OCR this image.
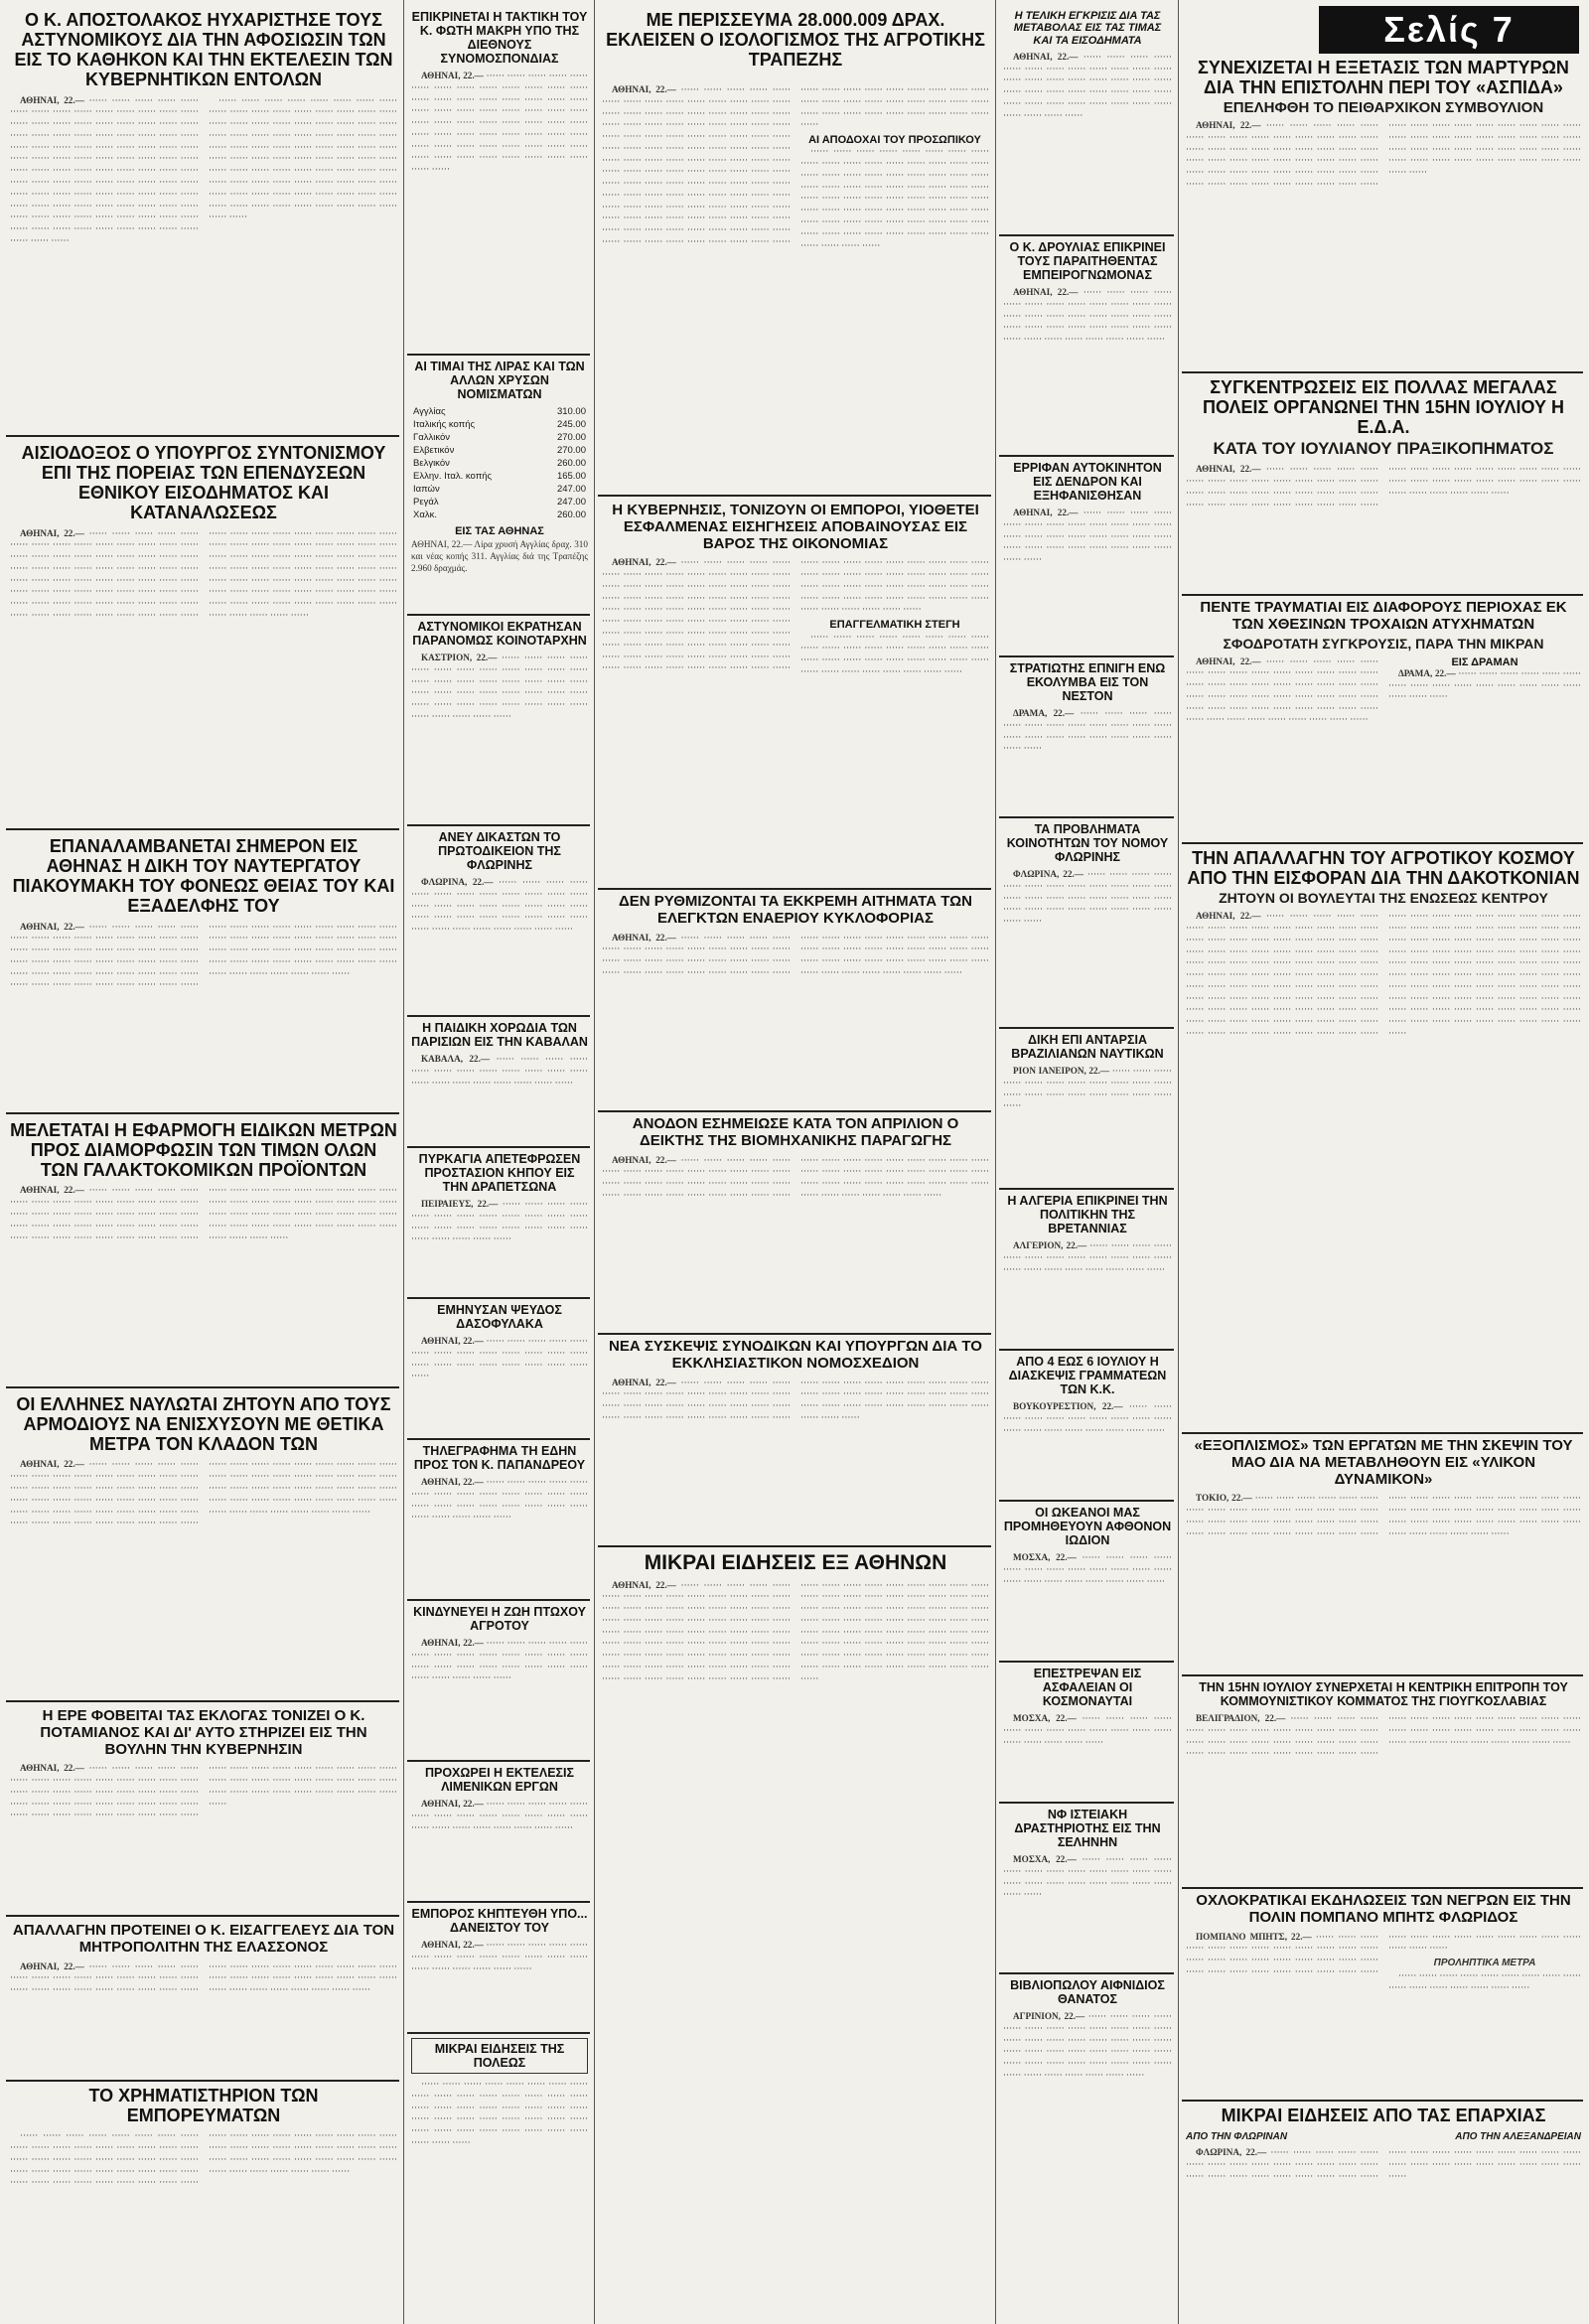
Σελίς 7
Ο Κ. ΑΠΟΣΤΟΛΑΚΟΣ ΗΥΧΑΡΙΣΤΗΣΕ ΤΟΥΣ ΑΣΤΥΝΟΜΙΚΟΥΣ ΔΙΑ ΤΗΝ ΑΦΟΣΙΩΣΙΝ ΤΩΝ ΕΙΣ ΤΟ ΚΑΘΗΚΟΝ ΚΑΙ ΤΗΝ ΕΚΤΕΛΕΣΙΝ ΤΩΝ ΚΥΒΕΡΝΗΤΙΚΩΝ ΕΝΤΟΛΩΝ

ΑΘΗΝΑΙ, 22.— ······ ······ ······ ······ ······ ······ ······ ······ ······ ······ ······ ······ ······ ······ ······ ······ ······ ······ ······ ······ ······ ······ ······ ······ ······ ······ ······ ······ ······ ······ ······ ······ ······ ······ ······ ······ ······ ······ ······ ······ ······ ······ ······ ······ ······ ······ ······ ······ ······ ······ ······ ······ ······ ······ ······ ······ ······ ······ ······ ······ ······ ······ ······ ······ ······ ······ ······ ······ ······ ······ ······ ······ ······ ······ ······ ······ ······ ······ ······ ······ ······ ······ ······ ······ ······ ······ ······ ······ ······ ······ ······ ······ ······ ······ ······ ······ ······ ······ ······ ······ ······ ······ ······ ······ ······ ······ ······

······ ······ ······ ······ ······ ······ ······ ······ ······ ······ ······ ······ ······ ······ ······ ······ ······ ······ ······ ······ ······ ······ ······ ······ ······ ······ ······ ······ ······ ······ ······ ······ ······ ······ ······ ······ ······ ······ ······ ······ ······ ······ ······ ······ ······ ······ ······ ······ ······ ······ ······ ······ ······ ······ ······ ······ ······ ······ ······ ······ ······ ······ ······ ······ ······ ······ ······ ······ ······ ······ ······ ······ ······ ······ ······ ······ ······ ······ ······ ······ ······ ······ ······ ······ ······ ······ ······ ······ ······ ······ ······

ΑΙΣΙΟΔΟΞΟΣ Ο ΥΠΟΥΡΓΟΣ ΣΥΝΤΟΝΙΣΜΟΥ ΕΠΙ ΤΗΣ ΠΟΡΕΙΑΣ ΤΩΝ ΕΠΕΝΔΥΣΕΩΝ ΕΘΝΙΚΟΥ ΕΙΣΟΔΗΜΑΤΟΣ ΚΑΙ ΚΑΤΑΝΑΛΩΣΕΩΣ

ΑΘΗΝΑΙ, 22.— ······ ······ ······ ······ ······ ······ ······ ······ ······ ······ ······ ······ ······ ······ ······ ······ ······ ······ ······ ······ ······ ······ ······ ······ ······ ······ ······ ······ ······ ······ ······ ······ ······ ······ ······ ······ ······ ······ ······ ······ ······ ······ ······ ······ ······ ······ ······ ······ ······ ······ ······ ······ ······ ······ ······ ······ ······ ······ ······ ······ ······ ······ ······ ······ ······ ······ ······ ······ ······ ······ ······ ······ ······ ······ ······ ······ ······ ······ ······ ······ ······ ······ ······ ······ ······ ······ ······ ······ ······ ······ ······ ······ ······ ······ ······ ······ ······ ······ ······ ······ ······ ······ ······ ······ ······ ······ ······ ······ ······ ······ ······ ······ ······ ······ ······ ······ ······ ······ ······ ······ ······ ······ ······ ······ ······ ······ ······ ······ ······ ······ ······ ······ ······ ······ ······ ······

ΕΠΑΝΑΛΑΜΒΑΝΕΤΑΙ ΣΗΜΕΡΟΝ ΕΙΣ ΑΘΗΝΑΣ Η ΔΙΚΗ ΤΟΥ ΝΑΥΤΕΡΓΑΤΟΥ ΠΙΑΚΟΥΜΑΚΗ ΤΟΥ ΦΟΝΕΩΣ ΘΕΙΑΣ ΤΟΥ ΚΑΙ ΕΞΑΔΕΛΦΗΣ ΤΟΥ

ΑΘΗΝΑΙ, 22.— ······ ······ ······ ······ ······ ······ ······ ······ ······ ······ ······ ······ ······ ······ ······ ······ ······ ······ ······ ······ ······ ······ ······ ······ ······ ······ ······ ······ ······ ······ ······ ······ ······ ······ ······ ······ ······ ······ ······ ······ ······ ······ ······ ······ ······ ······ ······ ······ ······ ······ ······ ······ ······ ······ ······ ······ ······ ······ ······ ······ ······ ······ ······ ······ ······ ······ ······ ······ ······ ······ ······ ······ ······ ······ ······ ······ ······ ······ ······ ······ ······ ······ ······ ······ ······ ······ ······ ······ ······ ······ ······ ······ ······

ΜΕΛΕΤΑΤΑΙ Η ΕΦΑΡΜΟΓΗ ΕΙΔΙΚΩΝ ΜΕΤΡΩΝ ΠΡΟΣ ΔΙΑΜΟΡΦΩΣΙΝ ΤΩΝ ΤΙΜΩΝ ΟΛΩΝ ΤΩΝ ΓΑΛΑΚΤΟΚΟΜΙΚΩΝ ΠΡΟΪΟΝΤΩΝ

ΑΘΗΝΑΙ, 22.— ······ ······ ······ ······ ······ ······ ······ ······ ······ ······ ······ ······ ······ ······ ······ ······ ······ ······ ······ ······ ······ ······ ······ ······ ······ ······ ······ ······ ······ ······ ······ ······ ······ ······ ······ ······ ······ ······ ······ ······ ······ ······ ······ ······ ······ ······ ······ ······ ······ ······ ······ ······ ······ ······ ······ ······ ······ ······ ······ ······ ······ ······ ······ ······ ······ ······ ······ ······ ······ ······ ······ ······ ······ ······ ······ ······ ······ ······ ······ ······ ······

ΟΙ ΕΛΛΗΝΕΣ ΝΑΥΛΩΤΑΙ ΖΗΤΟΥΝ ΑΠΟ ΤΟΥΣ ΑΡΜΟΔΙΟΥΣ ΝΑ ΕΝΙΣΧΥΣΟΥΝ ΜΕ ΘΕΤΙΚΑ ΜΕΤΡΑ ΤΟΝ ΚΛΑΔΟΝ ΤΩΝ

ΑΘΗΝΑΙ, 22.— ······ ······ ······ ······ ······ ······ ······ ······ ······ ······ ······ ······ ······ ······ ······ ······ ······ ······ ······ ······ ······ ······ ······ ······ ······ ······ ······ ······ ······ ······ ······ ······ ······ ······ ······ ······ ······ ······ ······ ······ ······ ······ ······ ······ ······ ······ ······ ······ ······ ······ ······ ······ ······ ······ ······ ······ ······ ······ ······ ······ ······ ······ ······ ······ ······ ······ ······ ······ ······ ······ ······ ······ ······ ······ ······ ······ ······ ······ ······ ······ ······ ······ ······ ······ ······ ······ ······ ······ ······ ······ ······ ······ ······ ······

Η ΕΡΕ ΦΟΒΕΙΤΑΙ ΤΑΣ ΕΚΛΟΓΑΣ ΤΟΝΙΖΕΙ Ο Κ. ΠΟΤΑΜΙΑΝΟΣ ΚΑΙ ΔΙ' ΑΥΤΟ ΣΤΗΡΙΖΕΙ ΕΙΣ ΤΗΝ ΒΟΥΛΗΝ ΤΗΝ ΚΥΒΕΡΝΗΣΙΝ

ΑΘΗΝΑΙ, 22.— ······ ······ ······ ······ ······ ······ ······ ······ ······ ······ ······ ······ ······ ······ ······ ······ ······ ······ ······ ······ ······ ······ ······ ······ ······ ······ ······ ······ ······ ······ ······ ······ ······ ······ ······ ······ ······ ······ ······ ······ ······ ······ ······ ······ ······ ······ ······ ······ ······ ······ ······ ······ ······ ······ ······ ······ ······ ······ ······ ······ ······ ······ ······ ······ ······ ······ ······ ······ ······

ΑΠΑΛΛΑΓΗΝ ΠΡΟΤΕΙΝΕΙ Ο Κ. ΕΙΣΑΓΓΕΛΕΥΣ ΔΙΑ ΤΟΝ ΜΗΤΡΟΠΟΛΙΤΗΝ ΤΗΣ ΕΛΑΣΣΟΝΟΣ

ΑΘΗΝΑΙ, 22.— ······ ······ ······ ······ ······ ······ ······ ······ ······ ······ ······ ······ ······ ······ ······ ······ ······ ······ ······ ······ ······ ······ ······ ······ ······ ······ ······ ······ ······ ······ ······ ······ ······ ······ ······ ······ ······ ······ ······ ······ ······ ······ ······ ······ ······ ······ ······ ······ ······

ΤΟ ΧΡΗΜΑΤΙΣΤΗΡΙΟΝ ΤΩΝ ΕΜΠΟΡΕΥΜΑΤΩΝ

······ ······ ······ ······ ······ ······ ······ ······ ······ ······ ······ ······ ······ ······ ······ ······ ······ ······ ······ ······ ······ ······ ······ ······ ······ ······ ······ ······ ······ ······ ······ ······ ······ ······ ······ ······ ······ ······ ······ ······ ······ ······ ······ ······ ······ ······ ······ ······ ······ ······ ······ ······ ······ ······ ······ ······ ······ ······ ······ ······ ······ ······ ······ ······ ······ ······ ······ ······ ······ ······ ······ ······ ······ ······ ······ ······ ······ ······

ΕΠΙΚΡΙΝΕΤΑΙ Η ΤΑΚΤΙΚΗ ΤΟΥ Κ. ΦΩΤΗ ΜΑΚΡΗ ΥΠΟ ΤΗΣ ΔΙΕΘΝΟΥΣ ΣΥΝΟΜΟΣΠΟΝΔΙΑΣ

ΑΘΗΝΑΙ, 22.— ······ ······ ······ ······ ······ ······ ······ ······ ······ ······ ······ ······ ······ ······ ······ ······ ······ ······ ······ ······ ······ ······ ······ ······ ······ ······ ······ ······ ······ ······ ······ ······ ······ ······ ······ ······ ······ ······ ······ ······ ······ ······ ······ ······ ······ ······ ······ ······ ······ ······ ······ ······ ······ ······ ······ ······ ······ ······ ······ ······ ······ ······ ······

ΑΙ ΤΙΜΑΙ ΤΗΣ ΛΙΡΑΣ ΚΑΙ ΤΩΝ ΑΛΛΩΝ ΧΡΥΣΩΝ ΝΟΜΙΣΜΑΤΩΝ
Αγγλίας	310.00
Ιταλικής κοπής	245.00
Γαλλικόν	270.00
Ελβετικόν	270.00
Βελγικόν	260.00
Ελλην. Ιταλ. κοπής	165.00
Ιαπών	247.00
Ρεγάλ	247.00
Χαλκ.	260.00
ΕΙΣ ΤΑΣ ΑΘΗΝΑΣ
ΑΘΗΝΑΙ, 22.— Λίρα χρυσή Αγγλίας δραχ. 310 και νέας κοπής 311. Αγγλίας διά της Τραπέζης 2.960 δραχμάς.
ΑΣΤΥΝΟΜΙΚΟΙ ΕΚΡΑΤΗΣΑΝ ΠΑΡΑΝΟΜΩΣ ΚΟΙΝΟΤΑΡΧΗΝ

ΚΑΣΤΡΙΟΝ, 22.— ······ ······ ······ ······ ······ ······ ······ ······ ······ ······ ······ ······ ······ ······ ······ ······ ······ ······ ······ ······ ······ ······ ······ ······ ······ ······ ······ ······ ······ ······ ······ ······ ······ ······ ······ ······ ······ ······ ······ ······ ······

ΑΝΕΥ ΔΙΚΑΣΤΩΝ ΤΟ ΠΡΩΤΟΔΙΚΕΙΟΝ ΤΗΣ ΦΛΩΡΙΝΗΣ

ΦΛΩΡΙΝΑ, 22.— ······ ······ ······ ······ ······ ······ ······ ······ ······ ······ ······ ······ ······ ······ ······ ······ ······ ······ ······ ······ ······ ······ ······ ······ ······ ······ ······ ······ ······ ······ ······ ······ ······ ······ ······ ······

Η ΠΑΙΔΙΚΗ ΧΟΡΩΔΙΑ ΤΩΝ ΠΑΡΙΣΙΩΝ ΕΙΣ ΤΗΝ ΚΑΒΑΛΑΝ

ΚΑΒΑΛΑ, 22.— ······ ······ ······ ······ ······ ······ ······ ······ ······ ······ ······ ······ ······ ······ ······ ······ ······ ······ ······ ······

ΠΥΡΚΑΓΙΑ ΑΠΕΤΕΦΡΩΣΕΝ ΠΡΟΣΤΑΣΙΟΝ ΚΗΠΟΥ ΕΙΣ ΤΗΝ ΔΡΑΠΕΤΣΩΝΑ

ΠΕΙΡΑΙΕΥΣ, 22.— ······ ······ ······ ······ ······ ······ ······ ······ ······ ······ ······ ······ ······ ······ ······ ······ ······ ······ ······ ······ ······ ······ ······ ······ ······

ΕΜΗΝΥΣΑΝ ΨΕΥΔΟΣ ΔΑΣΟΦΥΛΑΚΑ

ΑΘΗΝΑΙ, 22.— ······ ······ ······ ······ ······ ······ ······ ······ ······ ······ ······ ······ ······ ······ ······ ······ ······ ······ ······ ······ ······ ······

ΤΗΛΕΓΡΑΦΗΜΑ ΤΗ ΕΔΗΝ ΠΡΟΣ ΤΟΝ Κ. ΠΑΠΑΝΔΡΕΟΥ

ΑΘΗΝΑΙ, 22.— ······ ······ ······ ······ ······ ······ ······ ······ ······ ······ ······ ······ ······ ······ ······ ······ ······ ······ ······ ······ ······ ······ ······ ······ ······ ······

ΚΙΝΔΥΝΕΥΕΙ Η ΖΩΗ ΠΤΩΧΟΥ ΑΓΡΟΤΟΥ

ΑΘΗΝΑΙ, 22.— ······ ······ ······ ······ ······ ······ ······ ······ ······ ······ ······ ······ ······ ······ ······ ······ ······ ······ ······ ······ ······ ······ ······ ······ ······ ······

ΠΡΟΧΩΡΕΙ Η ΕΚΤΕΛΕΣΙΣ ΛΙΜΕΝΙΚΩΝ ΕΡΓΩΝ

ΑΘΗΝΑΙ, 22.— ······ ······ ······ ······ ······ ······ ······ ······ ······ ······ ······ ······ ······ ······ ······ ······ ······ ······ ······ ······ ······

ΕΜΠΟΡΟΣ ΚΗΠΤΕΥΘΗ ΥΠΟ... ΔΑΝΕΙΣΤΟΥ ΤΟΥ

ΑΘΗΝΑΙ, 22.— ······ ······ ······ ······ ······ ······ ······ ······ ······ ······ ······ ······ ······ ······ ······ ······ ······ ······ ······

ΜΙΚΡΑΙ ΕΙΔΗΣΕΙΣ ΤΗΣ ΠΟΛΕΩΣ

······ ······ ······ ······ ······ ······ ······ ······ ······ ······ ······ ······ ······ ······ ······ ······ ······ ······ ······ ······ ······ ······ ······ ······ ······ ······ ······ ······ ······ ······ ······ ······ ······ ······ ······ ······ ······ ······ ······ ······ ······ ······ ······

ΜΕ ΠΕΡΙΣΣΕΥΜΑ 28.000.009 ΔΡΑΧ. ΕΚΛΕΙΣΕΝ Ο ΙΣΟΛΟΓΙΣΜΟΣ ΤΗΣ ΑΓΡΟΤΙΚΗΣ ΤΡΑΠΕΖΗΣ

ΑΘΗΝΑΙ, 22.— ······ ······ ······ ······ ······ ······ ······ ······ ······ ······ ······ ······ ······ ······ ······ ······ ······ ······ ······ ······ ······ ······ ······ ······ ······ ······ ······ ······ ······ ······ ······ ······ ······ ······ ······ ······ ······ ······ ······ ······ ······ ······ ······ ······ ······ ······ ······ ······ ······ ······ ······ ······ ······ ······ ······ ······ ······ ······ ······ ······ ······ ······ ······ ······ ······ ······ ······ ······ ······ ······ ······ ······ ······ ······ ······ ······ ······ ······ ······ ······ ······ ······ ······ ······ ······ ······ ······ ······ ······ ······ ······ ······ ······ ······ ······ ······ ······ ······ ······ ······ ······ ······ ······ ······ ······ ······ ······ ······ ······ ······ ······ ······ ······ ······ ······ ······ ······ ······ ······ ······ ······ ······ ······ ······ ······ ······ ······ ······ ······ ······ ······ ······ ······ ······ ······ ······ ······ ······ ······ ······ ······ ······ ······ ······ ······ ······ ······ ······ ······ ······

ΑΙ ΑΠΟΔΟΧΑΙ ΤΟΥ ΠΡΟΣΩΠΙΚΟΥ

······ ······ ······ ······ ······ ······ ······ ······ ······ ······ ······ ······ ······ ······ ······ ······ ······ ······ ······ ······ ······ ······ ······ ······ ······ ······ ······ ······ ······ ······ ······ ······ ······ ······ ······ ······ ······ ······ ······ ······ ······ ······ ······ ······ ······ ······ ······ ······ ······ ······ ······ ······ ······ ······ ······ ······ ······ ······ ······ ······ ······ ······ ······ ······ ······ ······ ······ ······ ······ ······ ······ ······ ······ ······ ······

Η ΚΥΒΕΡΝΗΣΙΣ, ΤΟΝΙΖΟΥΝ ΟΙ ΕΜΠΟΡΟΙ, ΥΙΟΘΕΤΕΙ ΕΣΦΑΛΜΕΝΑΣ ΕΙΣΗΓΗΣΕΙΣ ΑΠΟΒΑΙΝΟΥΣΑΣ ΕΙΣ ΒΑΡΟΣ ΤΗΣ ΟΙΚΟΝΟΜΙΑΣ

ΑΘΗΝΑΙ, 22.— ······ ······ ······ ······ ······ ······ ······ ······ ······ ······ ······ ······ ······ ······ ······ ······ ······ ······ ······ ······ ······ ······ ······ ······ ······ ······ ······ ······ ······ ······ ······ ······ ······ ······ ······ ······ ······ ······ ······ ······ ······ ······ ······ ······ ······ ······ ······ ······ ······ ······ ······ ······ ······ ······ ······ ······ ······ ······ ······ ······ ······ ······ ······ ······ ······ ······ ······ ······ ······ ······ ······ ······ ······ ······ ······ ······ ······ ······ ······ ······ ······ ······ ······ ······ ······ ······ ······ ······ ······ ······ ······ ······ ······ ······ ······ ······ ······ ······ ······ ······ ······ ······ ······ ······ ······ ······ ······ ······ ······ ······ ······ ······ ······ ······ ······ ······ ······ ······ ······ ······ ······ ······ ······ ······ ······ ······ ······ ······

ΕΠΑΓΓΕΛΜΑΤΙΚΗ ΣΤΕΓΗ

······ ······ ······ ······ ······ ······ ······ ······ ······ ······ ······ ······ ······ ······ ······ ······ ······ ······ ······ ······ ······ ······ ······ ······ ······ ······ ······ ······ ······ ······ ······ ······ ······ ······

ΔΕΝ ΡΥΘΜΙΖΟΝΤΑΙ ΤΑ ΕΚΚΡΕΜΗ ΑΙΤΗΜΑΤΑ ΤΩΝ ΕΛΕΓΚΤΩΝ ΕΝΑΕΡΙΟΥ ΚΥΚΛΟΦΟΡΙΑΣ

ΑΘΗΝΑΙ, 22.— ······ ······ ······ ······ ······ ······ ······ ······ ······ ······ ······ ······ ······ ······ ······ ······ ······ ······ ······ ······ ······ ······ ······ ······ ······ ······ ······ ······ ······ ······ ······ ······ ······ ······ ······ ······ ······ ······ ······ ······ ······ ······ ······ ······ ······ ······ ······ ······ ······ ······ ······ ······ ······ ······ ······ ······ ······ ······ ······ ······ ······ ······ ······ ······ ······ ······ ······

ΑΝΟΔΟΝ ΕΣΗΜΕΙΩΣΕ ΚΑΤΑ ΤΟΝ ΑΠΡΙΛΙΟΝ Ο ΔΕΙΚΤΗΣ ΤΗΣ ΒΙΟΜΗΧΑΝΙΚΗΣ ΠΑΡΑΓΩΓΗΣ

ΑΘΗΝΑΙ, 22.— ······ ······ ······ ······ ······ ······ ······ ······ ······ ······ ······ ······ ······ ······ ······ ······ ······ ······ ······ ······ ······ ······ ······ ······ ······ ······ ······ ······ ······ ······ ······ ······ ······ ······ ······ ······ ······ ······ ······ ······ ······ ······ ······ ······ ······ ······ ······ ······ ······ ······ ······ ······ ······ ······ ······ ······ ······ ······ ······ ······ ······ ······ ······ ······ ······ ······

ΝΕΑ ΣΥΣΚΕΨΙΣ ΣΥΝΟΔΙΚΩΝ ΚΑΙ ΥΠΟΥΡΓΩΝ ΔΙΑ ΤΟ ΕΚΚΛΗΣΙΑΣΤΙΚΟΝ ΝΟΜΟΣΧΕΔΙΟΝ

ΑΘΗΝΑΙ, 22.— ······ ······ ······ ······ ······ ······ ······ ······ ······ ······ ······ ······ ······ ······ ······ ······ ······ ······ ······ ······ ······ ······ ······ ······ ······ ······ ······ ······ ······ ······ ······ ······ ······ ······ ······ ······ ······ ······ ······ ······ ······ ······ ······ ······ ······ ······ ······ ······ ······ ······ ······ ······ ······ ······ ······ ······ ······ ······ ······ ······ ······ ······

ΜΙΚΡΑΙ ΕΙΔΗΣΕΙΣ ΕΞ ΑΘΗΝΩΝ

ΑΘΗΝΑΙ, 22.— ······ ······ ······ ······ ······ ······ ······ ······ ······ ······ ······ ······ ······ ······ ······ ······ ······ ······ ······ ······ ······ ······ ······ ······ ······ ······ ······ ······ ······ ······ ······ ······ ······ ······ ······ ······ ······ ······ ······ ······ ······ ······ ······ ······ ······ ······ ······ ······ ······ ······ ······ ······ ······ ······ ······ ······ ······ ······ ······ ······ ······ ······ ······ ······ ······ ······ ······ ······ ······ ······ ······ ······ ······ ······ ······ ······ ······ ······ ······ ······ ······ ······ ······ ······ ······ ······ ······ ······ ······ ······ ······ ······ ······ ······ ······ ······ ······ ······ ······ ······ ······ ······ ······ ······ ······ ······ ······ ······ ······ ······ ······ ······ ······ ······ ······ ······ ······ ······ ······ ······ ······ ······ ······ ······ ······ ······ ······ ······ ······ ······ ······ ······ ······ ······ ······ ······ ······ ······ ······ ······ ······ ······ ······ ······ ······ ······ ······ ······ ······ ······

Η ΤΕΛΙΚΗ ΕΓΚΡΙΣΙΣ ΔΙΑ ΤΑΣ ΜΕΤΑΒΟΛΑΣ ΕΙΣ ΤΑΣ ΤΙΜΑΣ ΚΑΙ ΤΑ ΕΙΣΟΔΗΜΑΤΑ

ΑΘΗΝΑΙ, 22.— ······ ······ ······ ······ ······ ······ ······ ······ ······ ······ ······ ······ ······ ······ ······ ······ ······ ······ ······ ······ ······ ······ ······ ······ ······ ······ ······ ······ ······ ······ ······ ······ ······ ······ ······ ······ ······ ······ ······ ······

Ο Κ. ΔΡΟΥΛΙΑΣ ΕΠΙΚΡΙΝΕΙ ΤΟΥΣ ΠΑΡΑΙΤΗΘΕΝΤΑΣ ΕΜΠΕΙΡΟΓΝΩΜΟΝΑΣ

ΑΘΗΝΑΙ, 22.— ······ ······ ······ ······ ······ ······ ······ ······ ······ ······ ······ ······ ······ ······ ······ ······ ······ ······ ······ ······ ······ ······ ······ ······ ······ ······ ······ ······ ······ ······ ······ ······ ······ ······ ······ ······

ΕΡΡΙΦΑΝ ΑΥΤΟΚΙΝΗΤΟΝ ΕΙΣ ΔΕΝΔΡΟΝ ΚΑΙ ΕΞΗΦΑΝΙΣΘΗΣΑΝ

ΑΘΗΝΑΙ, 22.— ······ ······ ······ ······ ······ ······ ······ ······ ······ ······ ······ ······ ······ ······ ······ ······ ······ ······ ······ ······ ······ ······ ······ ······ ······ ······ ······ ······ ······ ······

ΣΤΡΑΤΙΩΤΗΣ ΕΠΝΙΓΗ ΕΝΩ ΕΚΟΛΥΜΒΑ ΕΙΣ ΤΟΝ ΝΕΣΤΟΝ

ΔΡΑΜΑ, 22.— ······ ······ ······ ······ ······ ······ ······ ······ ······ ······ ······ ······ ······ ······ ······ ······ ······ ······ ······ ······ ······ ······

ΤΑ ΠΡΟΒΛΗΜΑΤΑ ΚΟΙΝΟΤΗΤΩΝ ΤΟΥ ΝΟΜΟΥ ΦΛΩΡΙΝΗΣ

ΦΛΩΡΙΝΑ, 22.— ······ ······ ······ ······ ······ ······ ······ ······ ······ ······ ······ ······ ······ ······ ······ ······ ······ ······ ······ ······ ······ ······ ······ ······ ······ ······ ······ ······ ······ ······

ΔΙΚΗ ΕΠΙ ΑΝΤΑΡΣΙΑ ΒΡΑΖΙΛΙΑΝΩΝ ΝΑΥΤΙΚΩΝ

ΡΙΟΝ ΙΑΝΕΙΡΟΝ, 22.— ······ ······ ······ ······ ······ ······ ······ ······ ······ ······ ······ ······ ······ ······ ······ ······ ······ ······ ······ ······

Η ΑΛΓΕΡΙΑ ΕΠΙΚΡΙΝΕΙ ΤΗΝ ΠΟΛΙΤΙΚΗΝ ΤΗΣ ΒΡΕΤΑΝΝΙΑΣ

ΑΛΓΕΡΙΟΝ, 22.— ······ ······ ······ ······ ······ ······ ······ ······ ······ ······ ······ ······ ······ ······ ······ ······ ······ ······ ······ ······

ΑΠΟ 4 ΕΩΣ 6 ΙΟΥΛΙΟΥ Η ΔΙΑΣΚΕΨΙΣ ΓΡΑΜΜΑΤΕΩΝ ΤΩΝ Κ.Κ.

ΒΟΥΚΟΥΡΕΣΤΙΟΝ, 22.— ······ ······ ······ ······ ······ ······ ······ ······ ······ ······ ······ ······ ······ ······ ······ ······ ······ ······

ΟΙ ΩΚΕΑΝΟΙ ΜΑΣ ΠΡΟΜΗΘΕΥΟΥΝ ΑΦΘΟΝΟΝ ΙΩΔΙΟΝ

ΜΟΣΧΑ, 22.— ······ ······ ······ ······ ······ ······ ······ ······ ······ ······ ······ ······ ······ ······ ······ ······ ······ ······ ······ ······

ΕΠΕΣΤΡΕΨΑΝ ΕΙΣ ΑΣΦΑΛΕΙΑΝ ΟΙ ΚΟΣΜΟΝΑΥΤΑΙ

ΜΟΣΧΑ, 22.— ······ ······ ······ ······ ······ ······ ······ ······ ······ ······ ······ ······ ······ ······ ······ ······ ······

ΝΦ ΙΣΤΕΙΑΚΗ ΔΡΑΣΤΗΡΙΟΤΗΣ ΕΙΣ ΤΗΝ ΣΕΛΗΝΗΝ

ΜΟΣΧΑ, 22.— ······ ······ ······ ······ ······ ······ ······ ······ ······ ······ ······ ······ ······ ······ ······ ······ ······ ······ ······ ······ ······ ······

ΒΙΒΛΙΟΠΩΛΟΥ ΑΙΦΝΙΔΙΟΣ ΘΑΝΑΤΟΣ

ΑΓΡΙΝΙΟΝ, 22.— ······ ······ ······ ······ ······ ······ ······ ······ ······ ······ ······ ······ ······ ······ ······ ······ ······ ······ ······ ······ ······ ······ ······ ······ ······ ······ ······ ······ ······ ······ ······ ······ ······ ······ ······ ······ ······ ······ ······ ······ ······ ······ ······

ΣΥΝΕΧΙΖΕΤΑΙ Η ΕΞΕΤΑΣΙΣ ΤΩΝ ΜΑΡΤΥΡΩΝ ΔΙΑ ΤΗΝ ΕΠΙΣΤΟΛΗΝ ΠΕΡΙ ΤΟΥ «ΑΣΠΙΔΑ»
ΕΠΕΛΗΦΘΗ ΤΟ ΠΕΙΘΑΡΧΙΚΟΝ ΣΥΜΒΟΥΛΙΟΝ

ΑΘΗΝΑΙ, 22.— ······ ······ ······ ······ ······ ······ ······ ······ ······ ······ ······ ······ ······ ······ ······ ······ ······ ······ ······ ······ ······ ······ ······ ······ ······ ······ ······ ······ ······ ······ ······ ······ ······ ······ ······ ······ ······ ······ ······ ······ ······ ······ ······ ······ ······ ······ ······ ······ ······ ······ ······ ······ ······ ······ ······ ······ ······ ······ ······ ······ ······ ······ ······ ······ ······ ······ ······ ······ ······ ······ ······ ······ ······ ······ ······ ······ ······ ······ ······ ······ ······ ······ ······ ······ ······ ······ ······ ······

ΣΥΓΚΕΝΤΡΩΣΕΙΣ ΕΙΣ ΠΟΛΛΑΣ ΜΕΓΑΛΑΣ ΠΟΛΕΙΣ ΟΡΓΑΝΩΝΕΙ ΤΗΝ 15ΗΝ ΙΟΥΛΙΟΥ Η Ε.Δ.Α.
ΚΑΤΑ ΤΟΥ ΙΟΥΛΙΑΝΟΥ ΠΡΑΞΙΚΟΠΗΜΑΤΟΣ

ΑΘΗΝΑΙ, 22.— ······ ······ ······ ······ ······ ······ ······ ······ ······ ······ ······ ······ ······ ······ ······ ······ ······ ······ ······ ······ ······ ······ ······ ······ ······ ······ ······ ······ ······ ······ ······ ······ ······ ······ ······ ······ ······ ······ ······ ······ ······ ······ ······ ······ ······ ······ ······ ······ ······ ······ ······ ······ ······ ······ ······ ······

ΠΕΝΤΕ ΤΡΑΥΜΑΤΙΑΙ ΕΙΣ ΔΙΑΦΟΡΟΥΣ ΠΕΡΙΟΧΑΣ ΕΚ ΤΩΝ ΧΘΕΣΙΝΩΝ ΤΡΟΧΑΙΩΝ ΑΤΥΧΗΜΑΤΩΝ
ΣΦΟΔΡΟΤΑΤΗ ΣΥΓΚΡΟΥΣΙΣ, ΠΑΡΑ ΤΗΝ ΜΙΚΡΑΝ

ΑΘΗΝΑΙ, 22.— ······ ······ ······ ······ ······ ······ ······ ······ ······ ······ ······ ······ ······ ······ ······ ······ ······ ······ ······ ······ ······ ······ ······ ······ ······ ······ ······ ······ ······ ······ ······ ······ ······ ······ ······ ······ ······ ······ ······ ······ ······ ······ ······ ······ ······ ······ ······ ······ ······ ······

ΕΙΣ ΔΡΑΜΑΝ

ΔΡΑΜΑ, 22.— ······ ······ ······ ······ ······ ······ ······ ······ ······ ······ ······ ······ ······ ······ ······ ······ ······ ······

ΤΗΝ ΑΠΑΛΛΑΓΗΝ ΤΟΥ ΑΓΡΟΤΙΚΟΥ ΚΟΣΜΟΥ ΑΠΟ ΤΗΝ ΕΙΣΦΟΡΑΝ ΔΙΑ ΤΗΝ ΔΑΚΟΤΚΟΝΙΑΝ
ΖΗΤΟΥΝ ΟΙ ΒΟΥΛΕΥΤΑΙ ΤΗΣ ΕΝΩΣΕΩΣ ΚΕΝΤΡΟΥ

ΑΘΗΝΑΙ, 22.— ······ ······ ······ ······ ······ ······ ······ ······ ······ ······ ······ ······ ······ ······ ······ ······ ······ ······ ······ ······ ······ ······ ······ ······ ······ ······ ······ ······ ······ ······ ······ ······ ······ ······ ······ ······ ······ ······ ······ ······ ······ ······ ······ ······ ······ ······ ······ ······ ······ ······ ······ ······ ······ ······ ······ ······ ······ ······ ······ ······ ······ ······ ······ ······ ······ ······ ······ ······ ······ ······ ······ ······ ······ ······ ······ ······ ······ ······ ······ ······ ······ ······ ······ ······ ······ ······ ······ ······ ······ ······ ······ ······ ······ ······ ······ ······ ······ ······ ······ ······ ······ ······ ······ ······ ······ ······ ······ ······ ······ ······ ······ ······ ······ ······ ······ ······ ······ ······ ······ ······ ······ ······ ······ ······ ······ ······ ······ ······ ······ ······ ······ ······ ······ ······ ······ ······ ······ ······ ······ ······ ······ ······ ······ ······ ······ ······ ······ ······ ······ ······ ······ ······ ······ ······ ······ ······ ······ ······ ······ ······ ······ ······ ······ ······ ······ ······ ······ ······ ······ ······ ······ ······ ······ ······ ······ ······ ······ ······ ······ ······ ······ ······ ······ ······ ······ ······

«ΕΞΟΠΛΙΣΜΟΣ» ΤΩΝ ΕΡΓΑΤΩΝ ΜΕ ΤΗΝ ΣΚΕΨΙΝ ΤΟΥ ΜΑΟ ΔΙΑ ΝΑ ΜΕΤΑΒΛΗΘΟΥΝ ΕΙΣ «ΥΛΙΚΟΝ ΔΥΝΑΜΙΚΟΝ»

ΤΟΚΙΟ, 22.— ······ ······ ······ ······ ······ ······ ······ ······ ······ ······ ······ ······ ······ ······ ······ ······ ······ ······ ······ ······ ······ ······ ······ ······ ······ ······ ······ ······ ······ ······ ······ ······ ······ ······ ······ ······ ······ ······ ······ ······ ······ ······ ······ ······ ······ ······ ······ ······ ······ ······ ······ ······ ······ ······ ······ ······ ······ ······ ······ ······ ······ ······ ······ ······ ······ ······

ΤΗΝ 15ΗΝ ΙΟΥΛΙΟΥ ΣΥΝΕΡΧΕΤΑΙ Η ΚΕΝΤΡΙΚΗ ΕΠΙΤΡΟΠΗ ΤΟΥ ΚΟΜΜΟΥΝΙΣΤΙΚΟΥ ΚΟΜΜΑΤΟΣ ΤΗΣ ΓΙΟΥΓΚΟΣΛΑΒΙΑΣ

ΒΕΛΙΓΡΑΔΙΟΝ, 22.— ······ ······ ······ ······ ······ ······ ······ ······ ······ ······ ······ ······ ······ ······ ······ ······ ······ ······ ······ ······ ······ ······ ······ ······ ······ ······ ······ ······ ······ ······ ······ ······ ······ ······ ······ ······ ······ ······ ······ ······ ······ ······ ······ ······ ······ ······ ······ ······ ······ ······ ······ ······ ······ ······ ······ ······ ······ ······

ΟΧΛΟΚΡΑΤΙΚΑΙ ΕΚΔΗΛΩΣΕΙΣ ΤΩΝ ΝΕΓΡΩΝ ΕΙΣ ΤΗΝ ΠΟΛΙΝ ΠΟΜΠΑΝΟ ΜΠΗΤΣ ΦΛΩΡΙΔΟΣ

ΠΟΜΠΑΝΟ ΜΠΗΤΣ, 22.— ······ ······ ······ ······ ······ ······ ······ ······ ······ ······ ······ ······ ······ ······ ······ ······ ······ ······ ······ ······ ······ ······ ······ ······ ······ ······ ······ ······ ······ ······ ······ ······ ······ ······ ······ ······ ······ ······ ······ ······ ······ ······

ΠΡΟΛΗΠΤΙΚΑ ΜΕΤΡΑ

······ ······ ······ ······ ······ ······ ······ ······ ······ ······ ······ ······ ······ ······ ······ ······

ΜΙΚΡΑΙ ΕΙΔΗΣΕΙΣ ΑΠΟ ΤΑΣ ΕΠΑΡΧΙΑΣ
ΑΠΟ ΤΗΝ ΦΛΩΡΙΝΑΝ	ΑΠΟ ΤΗΝ ΑΛΕΞΑΝΔΡΕΙΑΝ

ΦΛΩΡΙΝΑ, 22.— ······ ······ ······ ······ ······ ······ ······ ······ ······ ······ ······ ······ ······ ······ ······ ······ ······ ······ ······ ······ ······ ······ ······ ······ ······ ······ ······ ······ ······ ······ ······ ······ ······ ······ ······ ······ ······ ······ ······ ······ ······ ······
